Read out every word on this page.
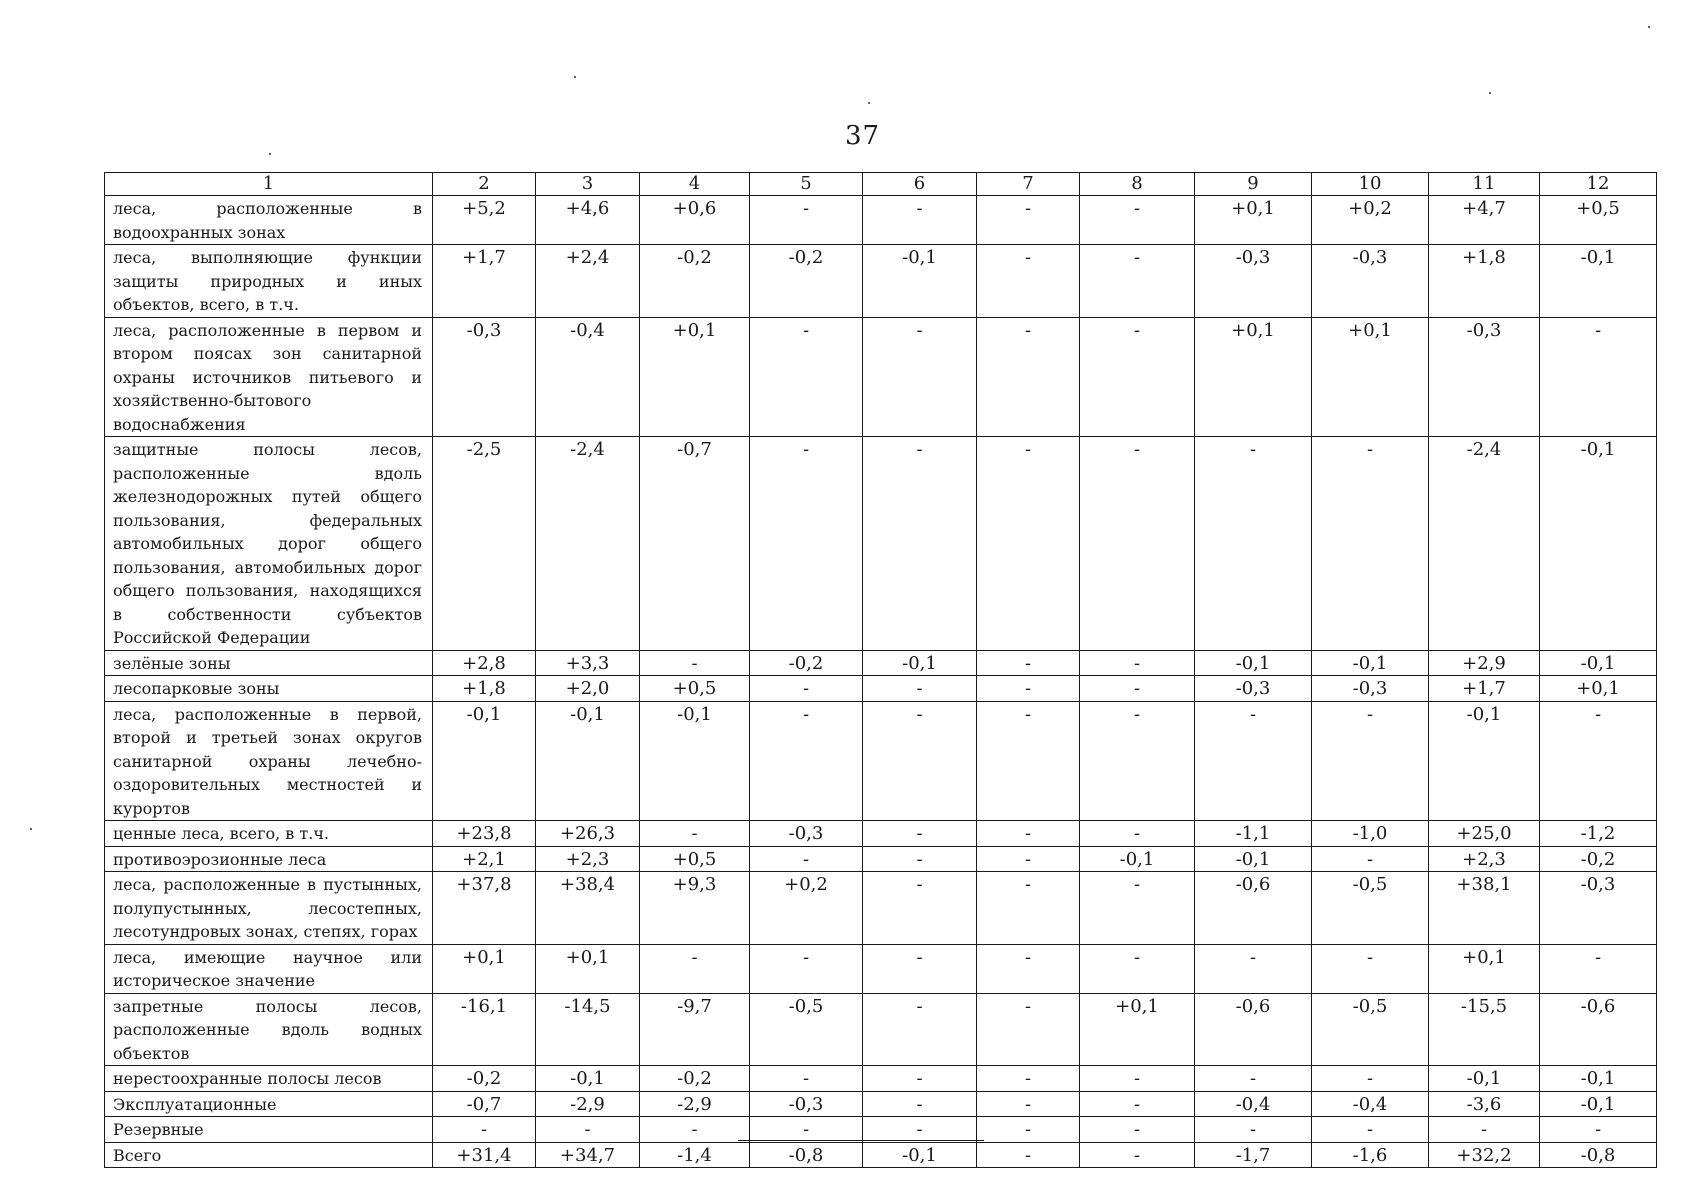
37
1	2	3	4	5	6	7	8	9	10	11	12
леса, расположенные в водоохранных зонах	+5,2	+4,6	+0,6	-	-	-	-	+0,1	+0,2	+4,7	+0,5
леса, выполняющие функции защиты природных и иных объектов, всего, в т.ч.	+1,7	+2,4	-0,2	-0,2	-0,1	-	-	-0,3	-0,3	+1,8	-0,1
леса, расположенные в первом и втором поясах зон санитарной охраны источников питьевого и хозяйственно-бытового водоснабжения	-0,3	-0,4	+0,1	-	-	-	-	+0,1	+0,1	-0,3	-
защитные полосы лесов, расположенные вдоль железнодорожных путей общего пользования, федеральных автомобильных дорог общего пользования, автомобильных дорог общего пользования, находящихся в собственности субъектов Российской Федерации	-2,5	-2,4	-0,7	-	-	-	-	-	-	-2,4	-0,1
зелёные зоны	+2,8	+3,3	-	-0,2	-0,1	-	-	-0,1	-0,1	+2,9	-0,1
лесопарковые зоны	+1,8	+2,0	+0,5	-	-	-	-	-0,3	-0,3	+1,7	+0,1
леса, расположенные в первой, второй и третьей зонах округов санитарной охраны лечебно-оздоровительных местностей и курортов	-0,1	-0,1	-0,1	-	-	-	-	-	-	-0,1	-
ценные леса, всего, в т.ч.	+23,8	+26,3	-	-0,3	-	-	-	-1,1	-1,0	+25,0	-1,2
противоэрозионные леса	+2,1	+2,3	+0,5	-	-	-	-0,1	-0,1	-	+2,3	-0,2
леса, расположенные в пустынных, полупустынных, лесостепных, лесотундровых зонах, степях, горах	+37,8	+38,4	+9,3	+0,2	-	-	-	-0,6	-0,5	+38,1	-0,3
леса, имеющие научное или историческое значение	+0,1	+0,1	-	-	-	-	-	-	-	+0,1	-
запретные полосы лесов, расположенные вдоль водных объектов	-16,1	-14,5	-9,7	-0,5	-	-	+0,1	-0,6	-0,5	-15,5	-0,6
нерестоохранные полосы лесов	-0,2	-0,1	-0,2	-	-	-	-	-	-	-0,1	-0,1
Эксплуатационные	-0,7	-2,9	-2,9	-0,3	-	-	-	-0,4	-0,4	-3,6	-0,1
Резервные	-	-	-	-	-	-	-	-	-	-	-
Всего	+31,4	+34,7	-1,4	-0,8	-0,1	-	-	-1,7	-1,6	+32,2	-0,8
